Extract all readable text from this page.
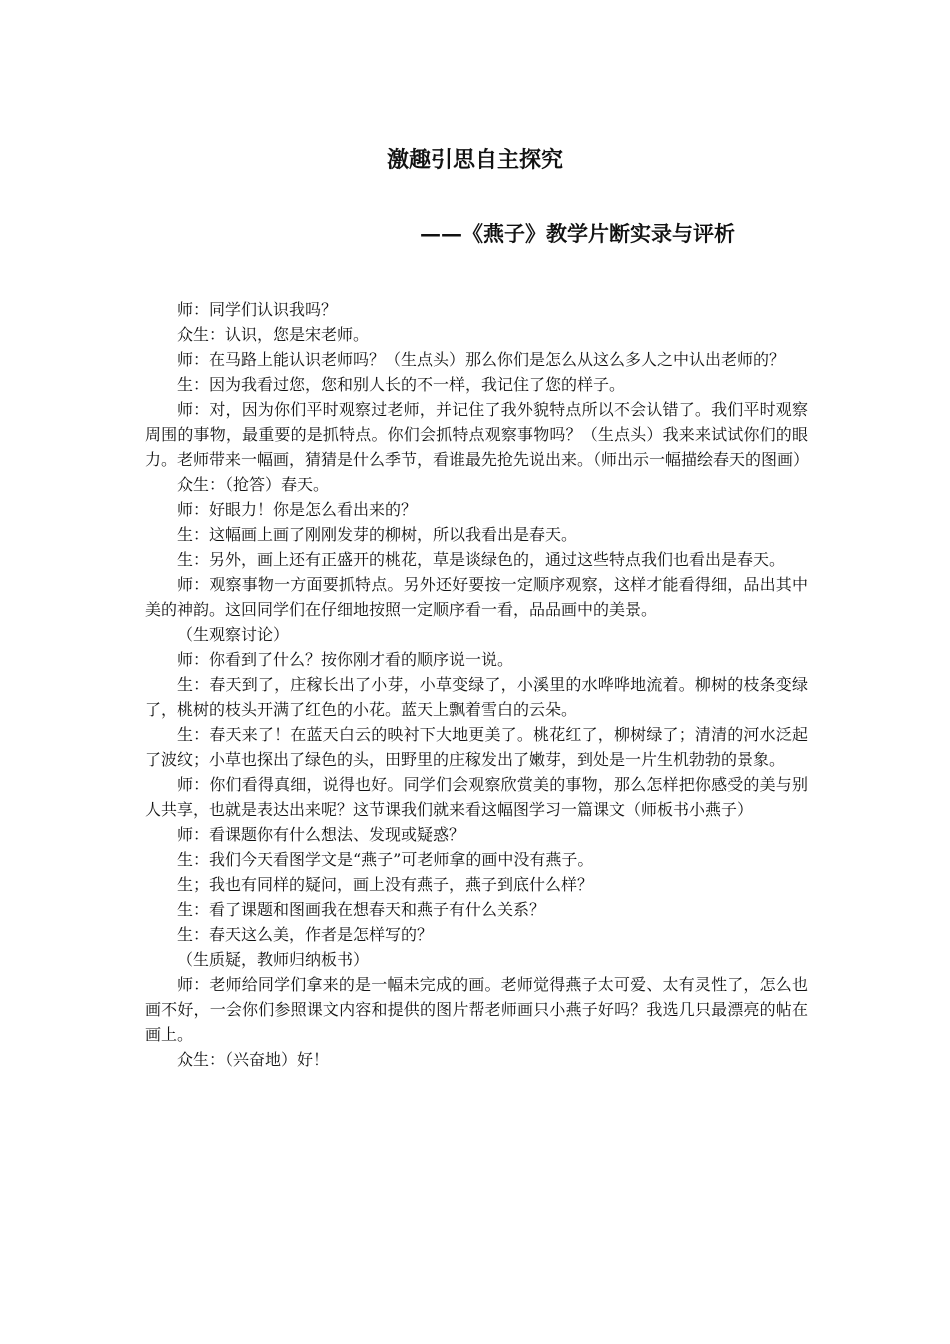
激趣引思自主探究
——《燕子》教学片断实录与评析

师：同学们认识我吗？

众生：认识，您是宋老师。

师：在马路上能认识老师吗？（生点头）那么你们是怎么从这么多人之中认出老师的？

生：因为我看过您，您和别人长的不一样，我记住了您的样子。

师：对，因为你们平时观察过老师，并记住了我外貌特点所以不会认错了。我们平时观察周围的事物，最重要的是抓特点。你们会抓特点观察事物吗？（生点头）我来来试试你们的眼力。老师带来一幅画，猜猜是什么季节，看谁最先抢先说出来。（师出示一幅描绘春天的图画）

众生：（抢答）春天。

师：好眼力！你是怎么看出来的？

生：这幅画上画了刚刚发芽的柳树，所以我看出是春天。

生：另外，画上还有正盛开的桃花，草是谈绿色的，通过这些特点我们也看出是春天。

师：观察事物一方面要抓特点。另外还好要按一定顺序观察，这样才能看得细，品出其中美的神韵。这回同学们在仔细地按照一定顺序看一看，品品画中的美景。

（生观察讨论）

师：你看到了什么？按你刚才看的顺序说一说。

生：春天到了，庄稼长出了小芽，小草变绿了，小溪里的水哗哗地流着。柳树的枝条变绿了，桃树的枝头开满了红色的小花。蓝天上飘着雪白的云朵。

生：春天来了！在蓝天白云的映衬下大地更美了。桃花红了，柳树绿了；清清的河水泛起了波纹；小草也探出了绿色的头，田野里的庄稼发出了嫩芽，到处是一片生机勃勃的景象。

师：你们看得真细，说得也好。同学们会观察欣赏美的事物，那么怎样把你感受的美与别人共享，也就是表达出来呢？这节课我们就来看这幅图学习一篇课文（师板书小燕子）

师：看课题你有什么想法、发现或疑惑？

生：我们今天看图学文是“燕子”可老师拿的画中没有燕子。

生；我也有同样的疑问，画上没有燕子，燕子到底什么样？

生：看了课题和图画我在想春天和燕子有什么关系？

生：春天这么美，作者是怎样写的？

（生质疑，教师归纳板书）

师：老师给同学们拿来的是一幅未完成的画。老师觉得燕子太可爱、太有灵性了，怎么也画不好，一会你们参照课文内容和提供的图片帮老师画只小燕子好吗？我选几只最漂亮的帖在画上。

众生：（兴奋地）好！
